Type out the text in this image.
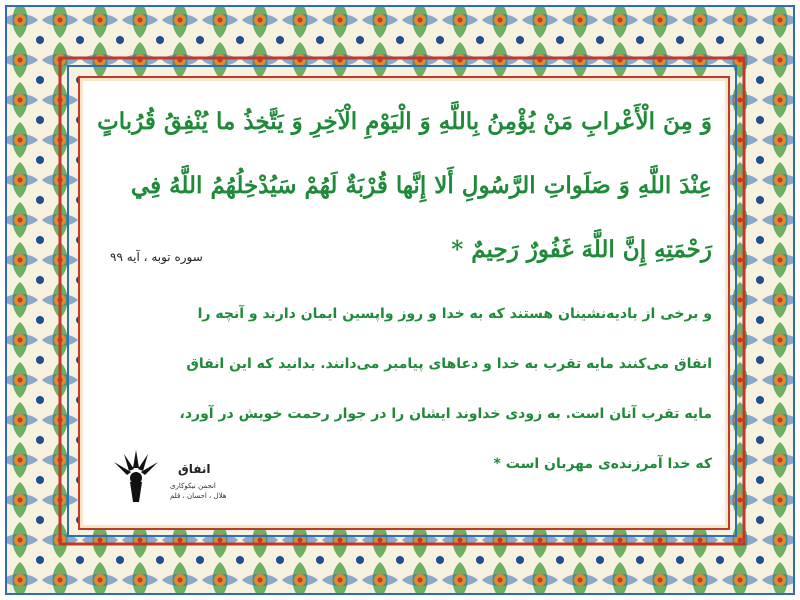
وَ مِنَ الْأَعْرابِ مَنْ يُؤْمِنُ بِاللَّهِ وَ الْيَوْمِ الْآخِرِ وَ يَتَّخِذُ ما يُنْفِقُ قُرُباتٍ
عِنْدَ اللَّهِ وَ صَلَواتِ الرَّسُولِ أَلا إِنَّها قُرْبَةٌ لَهُمْ سَيُدْخِلُهُمُ اللَّهُ فِي
رَحْمَتِهِ إِنَّ اللَّهَ غَفُورٌ رَحِيمٌ *
سوره توبه ، آیه ۹۹
و برخی از بادیه‌نشینان هستند که به خدا و روز واپسین ایمان دارند و آنچه را
انفاق می‌کنند مایه تقرب به خدا و دعاهای پیامبر می‌دانند. بدانید که این انفاق
مایه تقرب آنان است. به زودی خداوند ایشان را در جوار رحمت خویش در آورد،
که خدا آمرزنده‌ی مهربان است *
انفاق
انجمن نیکوکاری
هلال ، احسان ، قلم
